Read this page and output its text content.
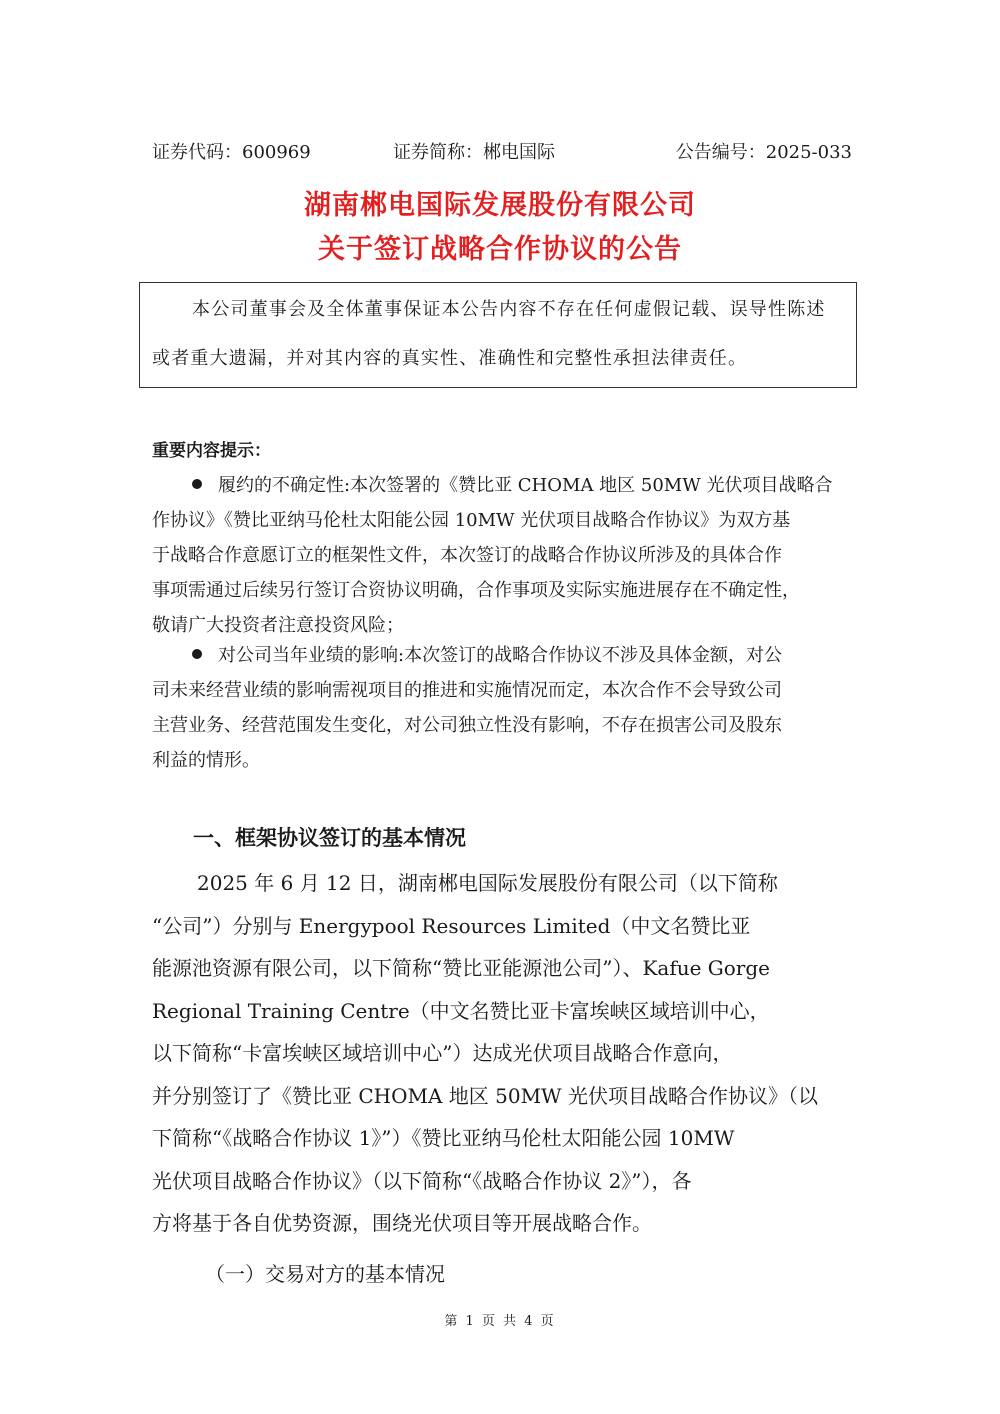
证券代码：600969	证券简称：郴电国际	公告编号：2025-033
湖南郴电国际发展股份有限公司
关于签订战略合作协议的公告
本公司董事会及全体董事保证本公告内容不存在任何虚假记载、误导性陈述
或者重大遗漏，并对其内容的真实性、准确性和完整性承担法律责任。
重要内容提示：
履约的不确定性:本次签署的《赞比亚 CHOMA 地区 50MW 光伏项目战略合
作协议》《赞比亚纳马伦杜太阳能公园 10MW 光伏项目战略合作协议》为双方基
于战略合作意愿订立的框架性文件，本次签订的战略合作协议所涉及的具体合作
事项需通过后续另行签订合资协议明确，合作事项及实际实施进展存在不确定性，
敬请广大投资者注意投资风险；
对公司当年业绩的影响:本次签订的战略合作协议不涉及具体金额，对公
司未来经营业绩的影响需视项目的推进和实施情况而定，本次合作不会导致公司
主营业务、经营范围发生变化，对公司独立性没有影响，不存在损害公司及股东
利益的情形。
一、框架协议签订的基本情况
2025 年 6 月 12 日，湖南郴电国际发展股份有限公司（以下简称
“公司”）分别与 Energypool Resources Limited（中文名赞比亚
能源池资源有限公司，以下简称“赞比亚能源池公司”）、Kafue Gorge
Regional Training Centre（中文名赞比亚卡富埃峡区域培训中心，
以下简称“卡富埃峡区域培训中心”）达成光伏项目战略合作意向，
并分别签订了《赞比亚 CHOMA 地区 50MW 光伏项目战略合作协议》（以
下简称“《战略合作协议 1》”）《赞比亚纳马伦杜太阳能公园 10MW
光伏项目战略合作协议》（以下简称“《战略合作协议 2》”），各
方将基于各自优势资源，围绕光伏项目等开展战略合作。
（一）交易对方的基本情况
第 1 页 共 4 页
